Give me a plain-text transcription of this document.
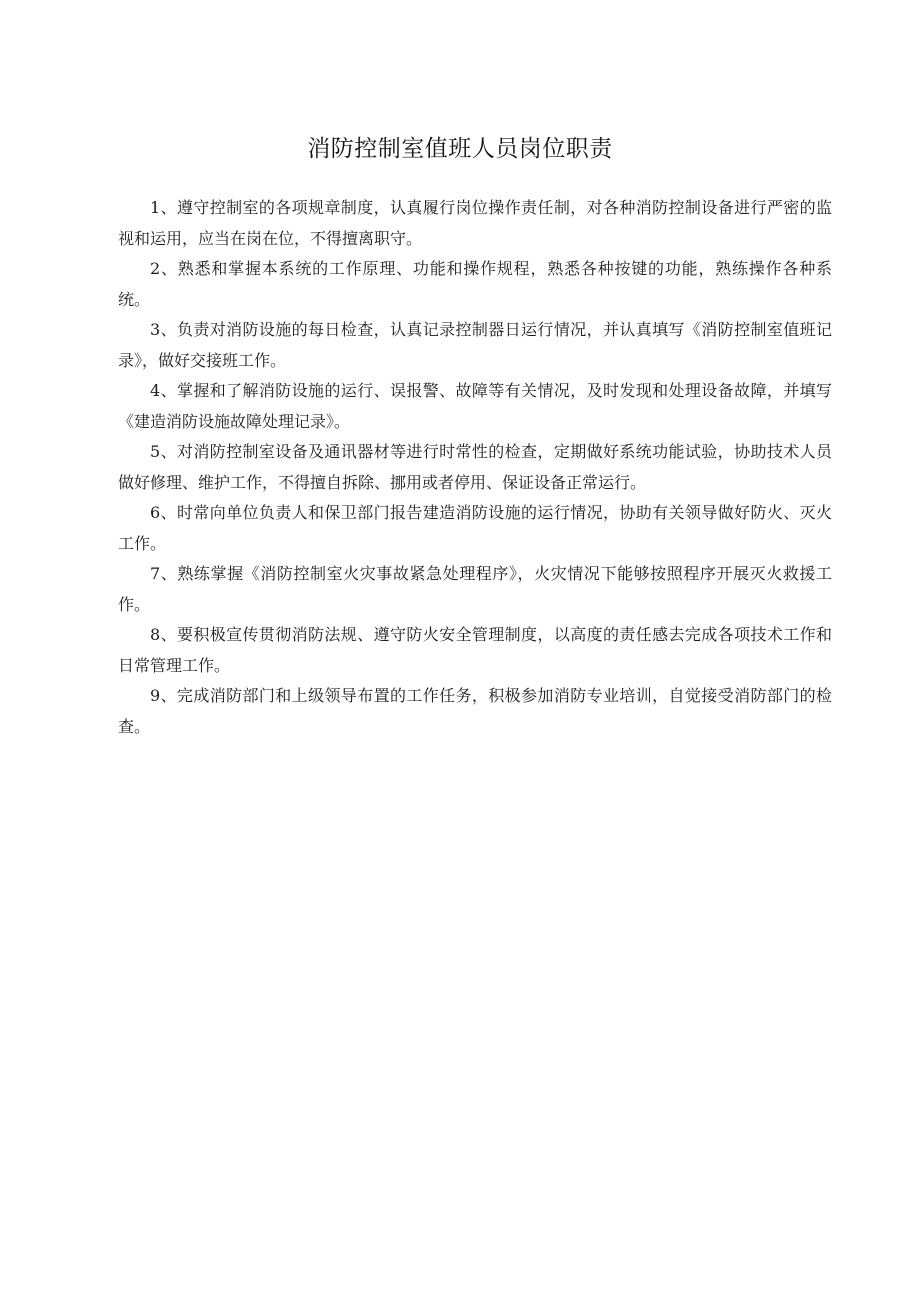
消防控制室值班人员岗位职责

1、遵守控制室的各项规章制度，认真履行岗位操作责任制，对各种消防控制设备进行严密的监视和运用，应当在岗在位，不得擅离职守。

2、熟悉和掌握本系统的工作原理、功能和操作规程，熟悉各种按键的功能，熟练操作各种系统。

3、负责对消防设施的每日检查，认真记录控制器日运行情况，并认真填写《消防控制室值班记录》，做好交接班工作。

4、掌握和了解消防设施的运行、误报警、故障等有关情况，及时发现和处理设备故障，并填写《建造消防设施故障处理记录》。

5、对消防控制室设备及通讯器材等进行时常性的检查，定期做好系统功能试验，协助技术人员做好修理、维护工作，不得擅自拆除、挪用或者停用、保证设备正常运行。

6、时常向单位负责人和保卫部门报告建造消防设施的运行情况，协助有关领导做好防火、灭火工作。

7、熟练掌握《消防控制室火灾事故紧急处理程序》，火灾情况下能够按照程序开展灭火救援工作。

8、要积极宣传贯彻消防法规、遵守防火安全管理制度，以高度的责任感去完成各项技术工作和日常管理工作。

9、完成消防部门和上级领导布置的工作任务，积极参加消防专业培训，自觉接受消防部门的检查。
